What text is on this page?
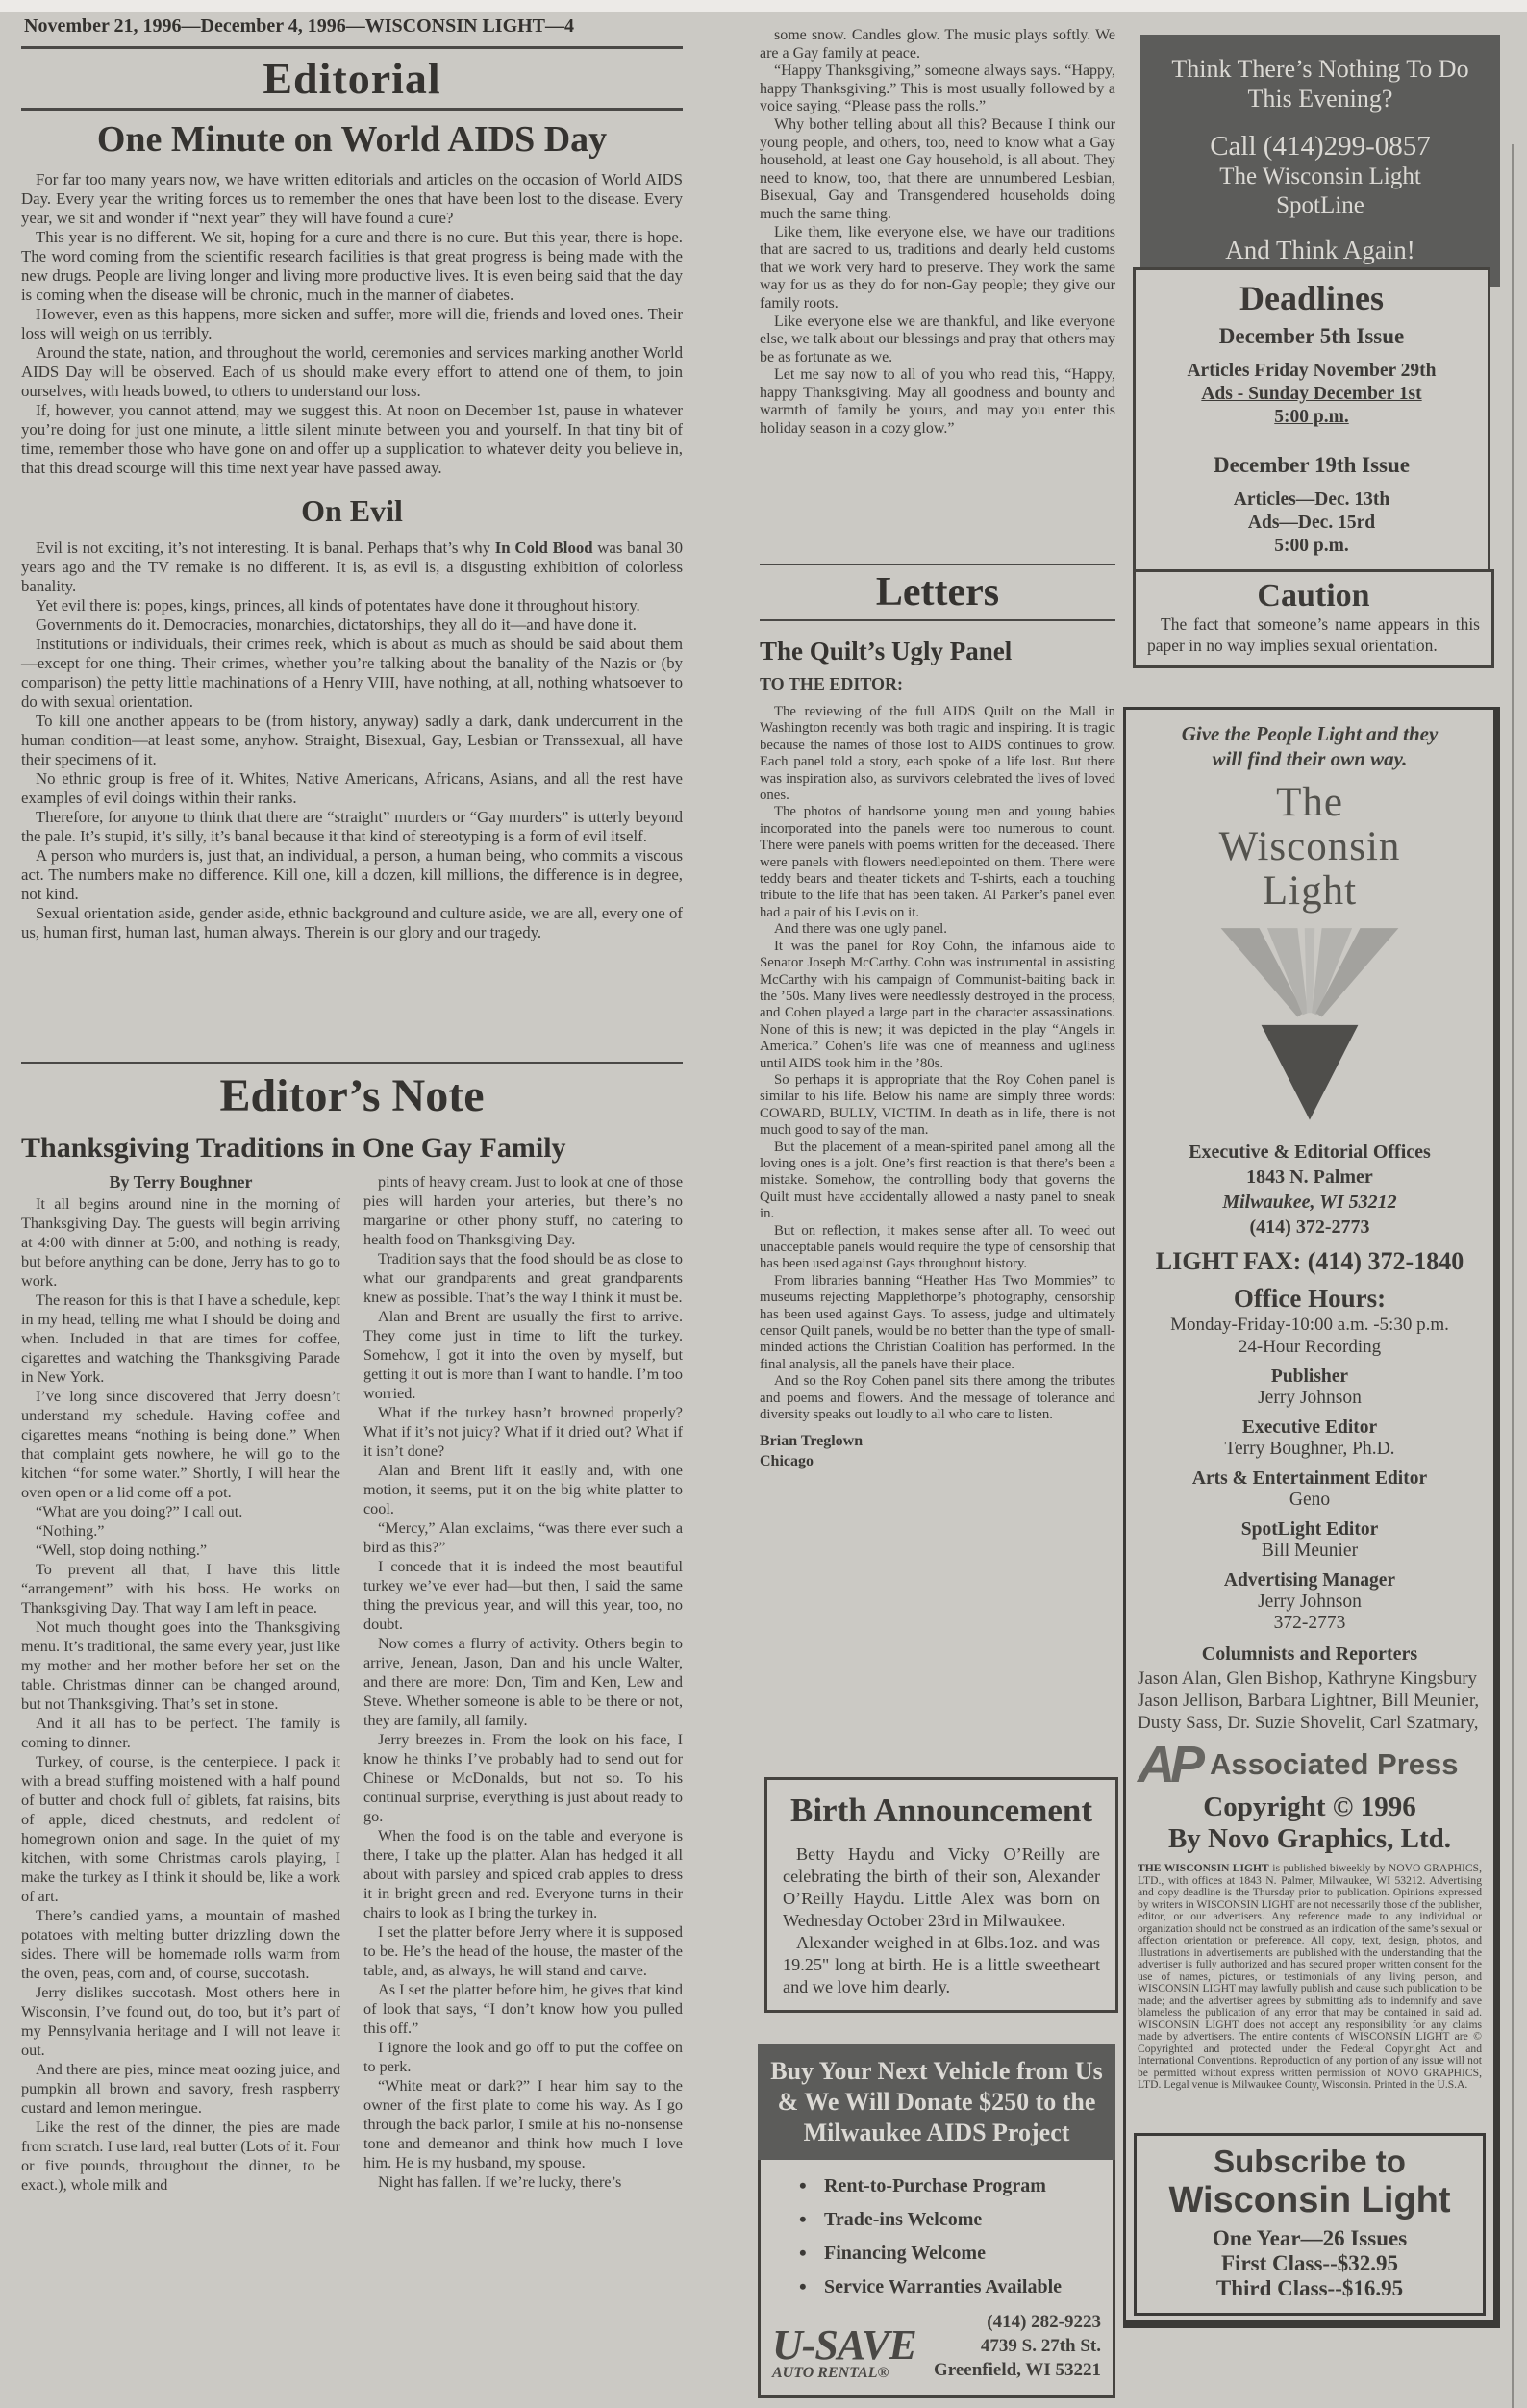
November 21, 1996—December 4, 1996—WISCONSIN LIGHT—4
Editorial
One Minute on World AIDS Day

For far too many years now, we have written editorials and articles on the occasion of World AIDS Day. Every year the writing forces us to remember the ones that have been lost to the disease. Every year, we sit and wonder if “next year” they will have found a cure?

This year is no different. We sit, hoping for a cure and there is no cure. But this year, there is hope. The word coming from the scientific research facilities is that great progress is being made with the new drugs. People are living longer and living more productive lives. It is even being said that the day is coming when the disease will be chronic, much in the manner of diabetes.

However, even as this happens, more sicken and suffer, more will die, friends and loved ones. Their loss will weigh on us terribly.

Around the state, nation, and throughout the world, ceremonies and services marking another World AIDS Day will be observed. Each of us should make every effort to attend one of them, to join ourselves, with heads bowed, to others to understand our loss.

If, however, you cannot attend, may we suggest this. At noon on December 1st, pause in whatever you’re doing for just one minute, a little silent minute between you and yourself. In that tiny bit of time, remember those who have gone on and offer up a supplication to whatever deity you believe in, that this dread scourge will this time next year have passed away.

On Evil

Evil is not exciting, it’s not interesting. It is banal. Perhaps that’s why In Cold Blood was banal 30 years ago and the TV remake is no different. It is, as evil is, a disgusting exhibition of colorless banality.

Yet evil there is: popes, kings, princes, all kinds of potentates have done it throughout history.

Governments do it. Democracies, monarchies, dictatorships, they all do it—and have done it.

Institutions or individuals, their crimes reek, which is about as much as should be said about them—except for one thing. Their crimes, whether you’re talking about the banality of the Nazis or (by comparison) the petty little machinations of a Henry VIII, have nothing, at all, nothing whatsoever to do with sexual orientation.

To kill one another appears to be (from history, anyway) sadly a dark, dank undercurrent in the human condition—at least some, anyhow. Straight, Bisexual, Gay, Lesbian or Transsexual, all have their specimens of it.

No ethnic group is free of it. Whites, Native Americans, Africans, Asians, and all the rest have examples of evil doings within their ranks.

Therefore, for anyone to think that there are “straight” murders or “Gay murders” is utterly beyond the pale. It’s stupid, it’s silly, it’s banal because it that kind of stereotyping is a form of evil itself.

A person who murders is, just that, an individual, a person, a human being, who commits a viscous act. The numbers make no difference. Kill one, kill a dozen, kill millions, the difference is in degree, not kind.

Sexual orientation aside, gender aside, ethnic background and culture aside, we are all, every one of us, human first, human last, human always. Therein is our glory and our tragedy.

Editor’s Note
Thanksgiving Traditions in One Gay Family
By Terry Boughner

It all begins around nine in the morning of Thanksgiving Day. The guests will begin arriving at 4:00 with dinner at 5:00, and nothing is ready, but before anything can be done, Jerry has to go to work.

The reason for this is that I have a schedule, kept in my head, telling me what I should be doing and when. Included in that are times for coffee, cigarettes and watching the Thanksgiving Parade in New York.

I’ve long since discovered that Jerry doesn’t understand my schedule. Having coffee and cigarettes means “nothing is being done.” When that complaint gets nowhere, he will go to the kitchen “for some water.” Shortly, I will hear the oven open or a lid come off a pot.

“What are you doing?” I call out.

“Nothing.”

“Well, stop doing nothing.”

To prevent all that, I have this little “arrangement” with his boss. He works on Thanksgiving Day. That way I am left in peace.

Not much thought goes into the Thanksgiving menu. It’s traditional, the same every year, just like my mother and her mother before her set on the table. Christmas dinner can be changed around, but not Thanksgiving. That’s set in stone.

And it all has to be perfect. The family is coming to dinner.

Turkey, of course, is the centerpiece. I pack it with a bread stuffing moistened with a half pound of butter and chock full of giblets, fat raisins, bits of apple, diced chestnuts, and redolent of homegrown onion and sage. In the quiet of my kitchen, with some Christmas carols playing, I make the turkey as I think it should be, like a work of art.

There’s candied yams, a mountain of mashed potatoes with melting butter drizzling down the sides. There will be homemade rolls warm from the oven, peas, corn and, of course, succotash.

Jerry dislikes succotash. Most others here in Wisconsin, I’ve found out, do too, but it’s part of my Pennsylvania heritage and I will not leave it out.

And there are pies, mince meat oozing juice, and pumpkin all brown and savory, fresh raspberry custard and lemon meringue.

Like the rest of the dinner, the pies are made from scratch. I use lard, real butter (Lots of it. Four or five pounds, throughout the dinner, to be exact.), whole milk and

pints of heavy cream. Just to look at one of those pies will harden your arteries, but there’s no margarine or other phony stuff, no catering to health food on Thanksgiving Day.

Tradition says that the food should be as close to what our grandparents and great grandparents knew as possible. That’s the way I think it must be.

Alan and Brent are usually the first to arrive. They come just in time to lift the turkey. Somehow, I got it into the oven by myself, but getting it out is more than I want to handle. I’m too worried.

What if the turkey hasn’t browned properly? What if it’s not juicy? What if it dried out? What if it isn’t done?

Alan and Brent lift it easily and, with one motion, it seems, put it on the big white platter to cool.

“Mercy,” Alan exclaims, “was there ever such a bird as this?”

I concede that it is indeed the most beautiful turkey we’ve ever had—but then, I said the same thing the previous year, and will this year, too, no doubt.

Now comes a flurry of activity. Others begin to arrive, Jenean, Jason, Dan and his uncle Walter, and there are more: Don, Tim and Ken, Lew and Steve. Whether someone is able to be there or not, they are family, all family.

Jerry breezes in. From the look on his face, I know he thinks I’ve probably had to send out for Chinese or McDonalds, but not so. To his continual surprise, everything is just about ready to go.

When the food is on the table and everyone is there, I take up the platter. Alan has hedged it all about with parsley and spiced crab apples to dress it in bright green and red. Everyone turns in their chairs to look as I bring the turkey in.

I set the platter before Jerry where it is supposed to be. He’s the head of the house, the master of the table, and, as always, he will stand and carve.

As I set the platter before him, he gives that kind of look that says, “I don’t know how you pulled this off.”

I ignore the look and go off to put the coffee on to perk.

“White meat or dark?” I hear him say to the owner of the first plate to come his way. As I go through the back parlor, I smile at his no-nonsense tone and demeanor and think how much I love him. He is my husband, my spouse.

Night has fallen. If we’re lucky, there’s

some snow. Candles glow. The music plays softly. We are a Gay family at peace.

“Happy Thanksgiving,” someone always says. “Happy, happy Thanksgiving.” This is most usually followed by a voice saying, “Please pass the rolls.”

Why bother telling about all this? Because I think our young people, and others, too, need to know what a Gay household, at least one Gay household, is all about. They need to know, too, that there are unnumbered Lesbian, Bisexual, Gay and Transgendered households doing much the same thing.

Like them, like everyone else, we have our traditions that are sacred to us, traditions and dearly held customs that we work very hard to preserve. They work the same way for us as they do for non-Gay people; they give our family roots.

Like everyone else we are thankful, and like everyone else, we talk about our blessings and pray that others may be as fortunate as we.

Let me say now to all of you who read this, “Happy, happy Thanksgiving. May all goodness and bounty and warmth of family be yours, and may you enter this holiday season in a cozy glow.”

Letters
The Quilt’s Ugly Panel
TO THE EDITOR:

The reviewing of the full AIDS Quilt on the Mall in Washington recently was both tragic and inspiring. It is tragic because the names of those lost to AIDS continues to grow. Each panel told a story, each spoke of a life lost. But there was inspiration also, as survivors celebrated the lives of loved ones.

The photos of handsome young men and young babies incorporated into the panels were too numerous to count. There were panels with poems written for the deceased. There were panels with flowers needlepointed on them. There were teddy bears and theater tickets and T-shirts, each a touching tribute to the life that has been taken. Al Parker’s panel even had a pair of his Levis on it.

And there was one ugly panel.

It was the panel for Roy Cohn, the infamous aide to Senator Joseph McCarthy. Cohn was instrumental in assisting McCarthy with his campaign of Communist-baiting back in the ’50s. Many lives were needlessly destroyed in the process, and Cohen played a large part in the character assassinations. None of this is new; it was depicted in the play “Angels in America.” Cohen’s life was one of meanness and ugliness until AIDS took him in the ’80s.

So perhaps it is appropriate that the Roy Cohen panel is similar to his life. Below his name are simply three words: COWARD, BULLY, VICTIM. In death as in life, there is not much good to say of the man.

But the placement of a mean-spirited panel among all the loving ones is a jolt. One’s first reaction is that there’s been a mistake. Somehow, the controlling body that governs the Quilt must have accidentally allowed a nasty panel to sneak in.

But on reflection, it makes sense after all. To weed out unacceptable panels would require the type of censorship that has been used against Gays throughout history.

From libraries banning “Heather Has Two Mommies” to museums rejecting Mapplethorpe’s photography, censorship has been used against Gays. To assess, judge and ultimately censor Quilt panels, would be no better than the type of small-minded actions the Christian Coalition has performed. In the final analysis, all the panels have their place.

And so the Roy Cohen panel sits there among the tributes and poems and flowers. And the message of tolerance and diversity speaks out loudly to all who care to listen.

Brian Treglown
Chicago
Birth Announcement

Betty Haydu and Vicky O’Reilly are celebrating the birth of their son, Alexander O’Reilly Haydu. Little Alex was born on Wednesday October 23rd in Milwaukee.

Alexander weighed in at 6lbs.1oz. and was 19.25" long at birth. He is a little sweetheart and we love him dearly.

Buy Your Next Vehicle from Us & We Will Donate $250 to the Milwaukee AIDS Project
• Rent-to-Purchase Program
• Trade-ins Welcome
• Financing Welcome
• Service Warranties Available
U-SAVE
AUTO RENTAL®
(414) 282-9223
4739 S. 27th St.
Greenfield, WI 53221
Think There’s Nothing To Do This Evening?
Call (414)299-0857
The Wisconsin Light
SpotLine
And Think Again!
Deadlines
December 5th Issue
Articles Friday November 29th
Ads - Sunday December 1st
5:00 p.m.
December 19th Issue
Articles—Dec. 13th
Ads—Dec. 15rd
5:00 p.m.
Caution
The fact that someone’s name appears in this paper in no way implies sexual orientation.
Give the People Light and they
will find their own way.
The
Wisconsin
Light
Executive & Editorial Offices
1843 N. Palmer
Milwaukee, WI 53212
(414) 372-2773
LIGHT FAX: (414) 372-1840
Office Hours:
Monday-Friday-10:00 a.m. -5:30 p.m.
24-Hour Recording
Publisher
Jerry Johnson
Executive Editor
Terry Boughner, Ph.D.
Arts & Entertainment Editor
Geno
SpotLight Editor
Bill Meunier
Advertising Manager
Jerry Johnson
372-2773
Columnists and Reporters
Jason Alan, Glen Bishop, Kathryne Kingsbury Jason Jellison, Barbara Lightner, Bill Meunier, Dusty Sass, Dr. Suzie Shovelit, Carl Szatmary,
AP Associated Press
Copyright © 1996
By Novo Graphics, Ltd.
THE WISCONSIN LIGHT is published biweekly by NOVO GRAPHICS, LTD., with offices at 1843 N. Palmer, Milwaukee, WI 53212. Advertising and copy deadline is the Thursday prior to publication. Opinions expressed by writers in WISCONSIN LIGHT are not necessarily those of the publisher, editor, or our advertisers. Any reference made to any individual or organization should not be construed as an indication of the same’s sexual or affection orientation or preference. All copy, text, design, photos, and illustrations in advertisements are published with the understanding that the advertiser is fully authorized and has secured proper written consent for the use of names, pictures, or testimonials of any living person, and WISCONSIN LIGHT may lawfully publish and cause such publication to be made; and the advertiser agrees by submitting ads to indemnify and save blameless the publication of any error that may be contained in said ad. WISCONSIN LIGHT does not accept any responsibility for any claims made by advertisers. The entire contents of WISCONSIN LIGHT are © Copyrighted and protected under the Federal Copyright Act and International Conventions. Reproduction of any portion of any issue will not be permitted without express written permission of NOVO GRAPHICS, LTD. Legal venue is Milwaukee County, Wisconsin. Printed in the U.S.A.
Subscribe to
Wisconsin Light
One Year—26 Issues
First Class--$32.95
Third Class--$16.95
